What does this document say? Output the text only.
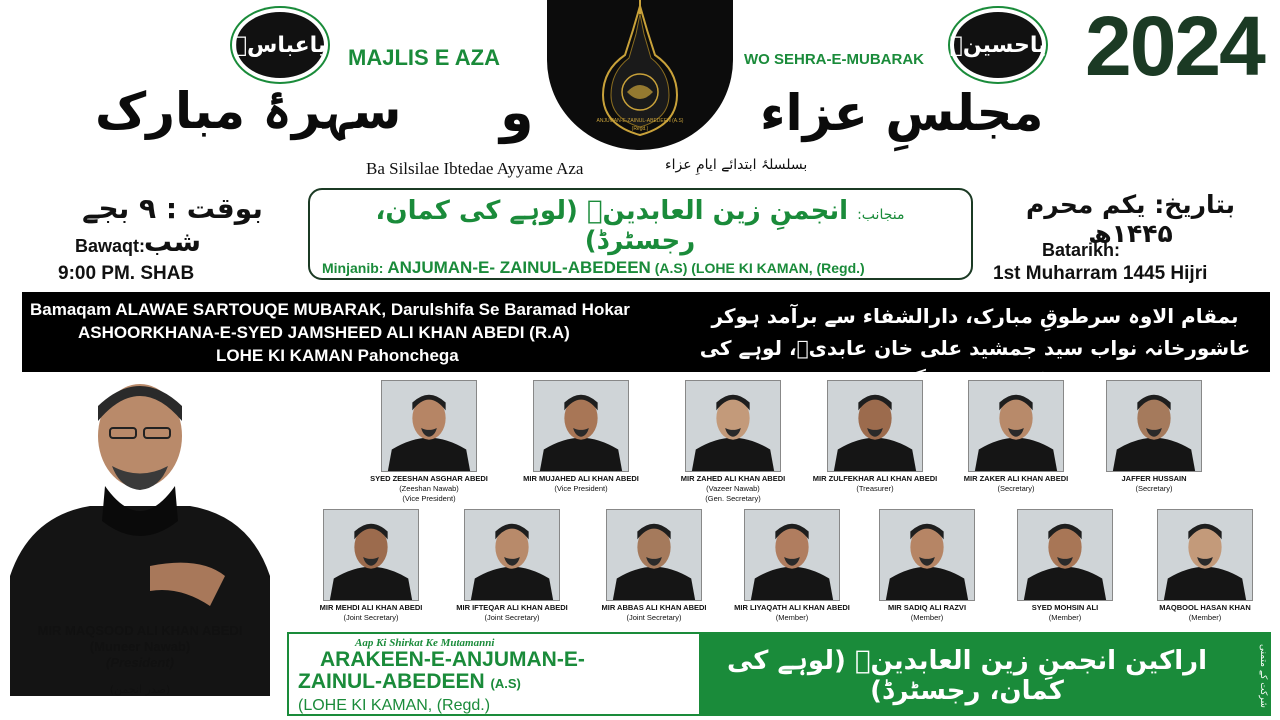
2024
یاعباسؑ	یاحسینؑ
MAJLIS E AZA	WO SEHRA-E-MUBARAK
ANJUMAN-E-ZAINUL-ABEDEEN (A.S)
(Regd.)
سہرۂ مبارک و	مجلسِ عزاء
Ba Silsilae Ibtedae Ayyame Aza	بسلسلۂ ابتدائے ایامِ عزاء
بوقت : ۹ بجے شب
Bawaqt:
9:00 PM. SHAB
بتاریخ: یکم محرم ۱۴۴۵ھ
Batarikh:
1st Muharram 1445 Hijri
منجانب: انجمنِ زین العابدینؑ (لوہے کی کمان، رجسٹرڈ)
Minjanib: ANJUMAN-E- ZAINUL-ABEDEEN (A.S) (LOHE KI KAMAN, (Regd.)
Bamaqam ALAWAE SARTOUQE MUBARAK, Darulshifa Se Baramad Hokar
ASHOORKHANA-E-SYED JAMSHEED ALI KHAN ABEDI (R.A)
LOHE KI KAMAN Pahonchega
بمقام الاوہ سرطوقِ مبارک، دارالشفاء سے برآمد ہوکر
عاشورخانہ نواب سید جمشید علی خان عابدیؒ، لوہے کی پہنچے
MIR MAQSOOD ALI KHAN ABEDI
(Muneer Nawab)
(President)
(صدر انجمن)
SYED ZEESHAN ASGHAR ABEDI
(Zeeshan Nawab)
(Vice President)
MIR MUJAHED ALI KHAN ABEDI
(Vice President)
MIR ZAHED ALI KHAN ABEDI
(Vazeer Nawab)
(Gen. Secretary)
MIR ZULFEKHAR ALI KHAN ABEDI
(Treasurer)
MIR ZAKER ALI KHAN ABEDI
(Secretary)
JAFFER HUSSAIN
(Secretary)
MIR MEHDI ALI KHAN ABEDI
(Joint Secretary)
MIR IFTEQAR ALI KHAN ABEDI
(Joint Secretary)
MIR ABBAS ALI KHAN ABEDI
(Joint Secretary)
MIR LIYAQATH ALI KHAN ABEDI
(Member)
MIR SADIQ ALI RAZVI
(Member)
SYED MOHSIN ALI
(Member)
MAQBOOL HASAN KHAN
(Member)
Aap Ki Shirkat Ke Mutamanni
ARAKEEN-E-ANJUMAN-E-
ZAINUL-ABEDEEN (A.S)
(LOHE KI KAMAN, (Regd.)
اراکین انجمنِ زین العابدینؑ (لوہے کی کمان، رجسٹرڈ)	شرکت کے متمنی
